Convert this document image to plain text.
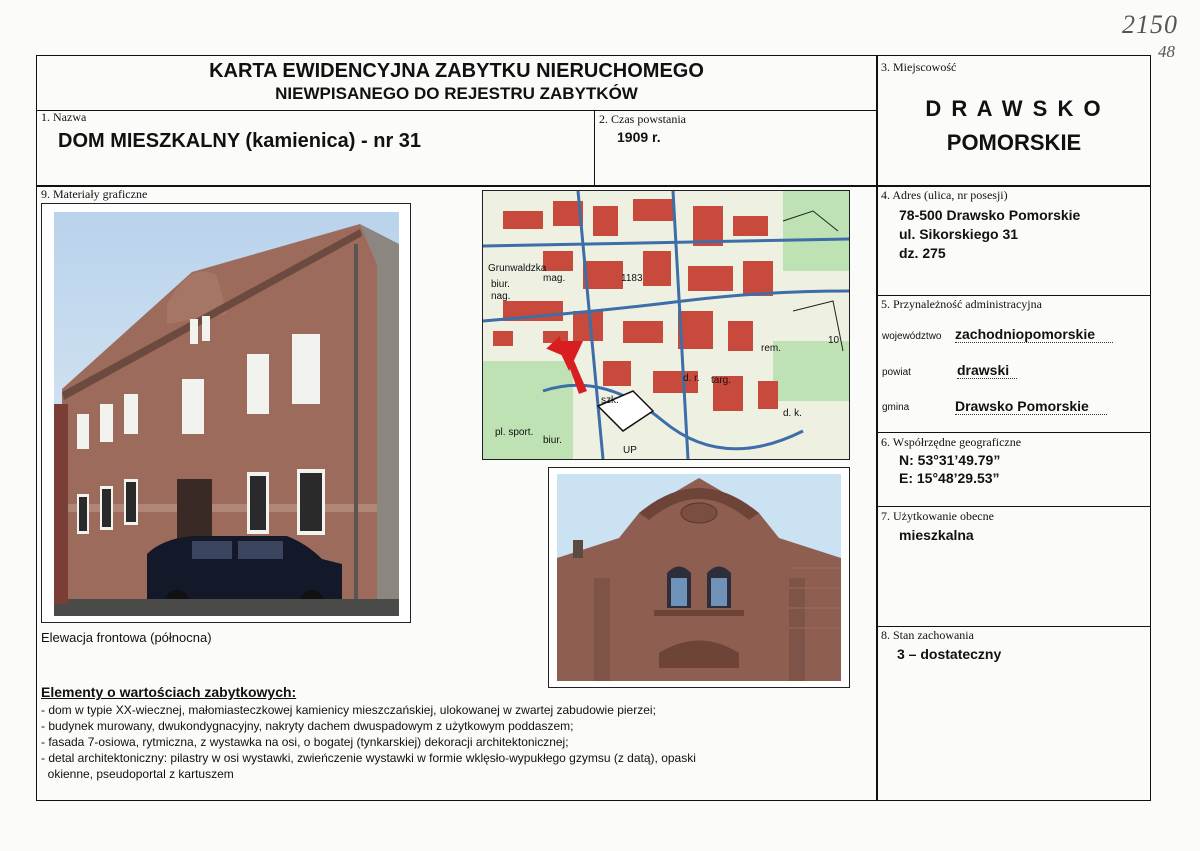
2150
48
KARTA EWIDENCYJNA ZABYTKU NIERUCHOMEGO
NIEWPISANEGO DO REJESTRU ZABYTKÓW
1. Nazwa
DOM MIESZKALNY (kamienica) - nr 31
2. Czas powstania
1909 r.
3. Miejscowość
D R A W S K O
POMORSKIE
4. Adres (ulica, nr posesji)
78-500 Drawsko Pomorskie
ul. Sikorskiego 31
dz. 275
5. Przynależność administracyjna
województwo zachodniopomorskie
powiat	drawski
gmina	Drawsko Pomorskie
6. Współrzędne geograficzne
N: 53°31’49.79”
E: 15°48’29.53”
7. Użytkowanie obecne
mieszkalna
8. Stan zachowania
3 – dostateczny
9. Materiały graficzne
Elewacja frontowa (północna)
Grunwaldzka
biur.
nag.
szk.
targ.
pl. sport.
rem.
biur.
UP
d. k.
1183
mag.
d. r.
10
Elementy o wartościach zabytkowych:
- dom w typie XX-wiecznej, małomiasteczkowej kamienicy mieszczańskiej, ulokowanej w zwartej zabudowie pierzei;
- budynek murowany, dwukondygnacyjny, nakryty dachem dwuspadowym z użytkowym poddaszem;
- fasada 7-osiowa, rytmiczna, z wystawka na osi, o bogatej (tynkarskiej) dekoracji architektonicznej;
- detal architektoniczny: pilastry w osi wystawki, zwieńczenie wystawki w formie wklęsło-wypukłego gzymsu (z datą), opaski
okienne, pseudoportal z kartuszem
